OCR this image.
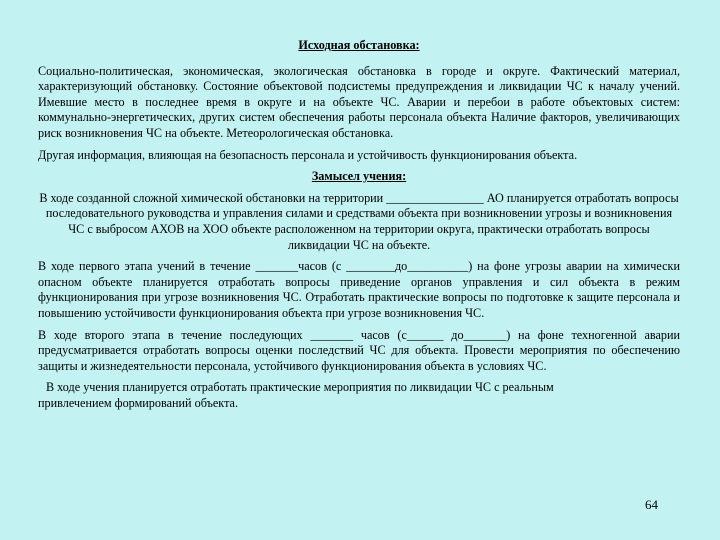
Исходная обстановка:

Социально-политическая, экономическая, экологическая обстановка в городе и округе. Фактический материал, характеризующий обстановку. Состояние объектовой подсистемы предупреждения и ликвидации ЧС к началу учений. Имевшие место в последнее время в округе и на объекте ЧС. Аварии и перебои в работе объектовых систем: коммунально-энергетических, других систем обеспечения работы персонала объекта Наличие факторов, увеличивающих риск возникновения ЧС на объекте. Метеорологическая обстановка.

Другая информация, влияющая на безопасность персонала и устойчивость функционирования объекта.

Замысел учения:

В ходе созданной сложной химической обстановки на территории ________________ АО планируется отработать вопросы последовательного руководства и управления силами и средствами объекта при возникновении угрозы и возникновения ЧС с выбросом АХОВ на ХОО объекте расположенном на территории округа, практически отработать вопросы ликвидации ЧС на объекте.

В ходе первого этапа учений в течение _______часов (с ________до__________) на фоне угрозы аварии на химически опасном объекте планируется отработать вопросы приведение органов управления и сил объекта в режим функционирования при угрозе возникновения ЧС. Отработать практические вопросы по подготовке к защите персонала и повышению устойчивости функционирования объекта при угрозе возникновения ЧС.

В ходе второго этапа в течение последующих _______ часов (с______ до_______) на фоне техногенной аварии предусматривается отработать вопросы оценки последствий ЧС для объекта. Провести мероприятия по обеспечению защиты и жизнедеятельности персонала, устойчивого функционирования объекта в условиях ЧС.

В ходе учения планируется отработать практические мероприятия по ликвидации ЧС с реальным привлечением формирований объекта.

64
